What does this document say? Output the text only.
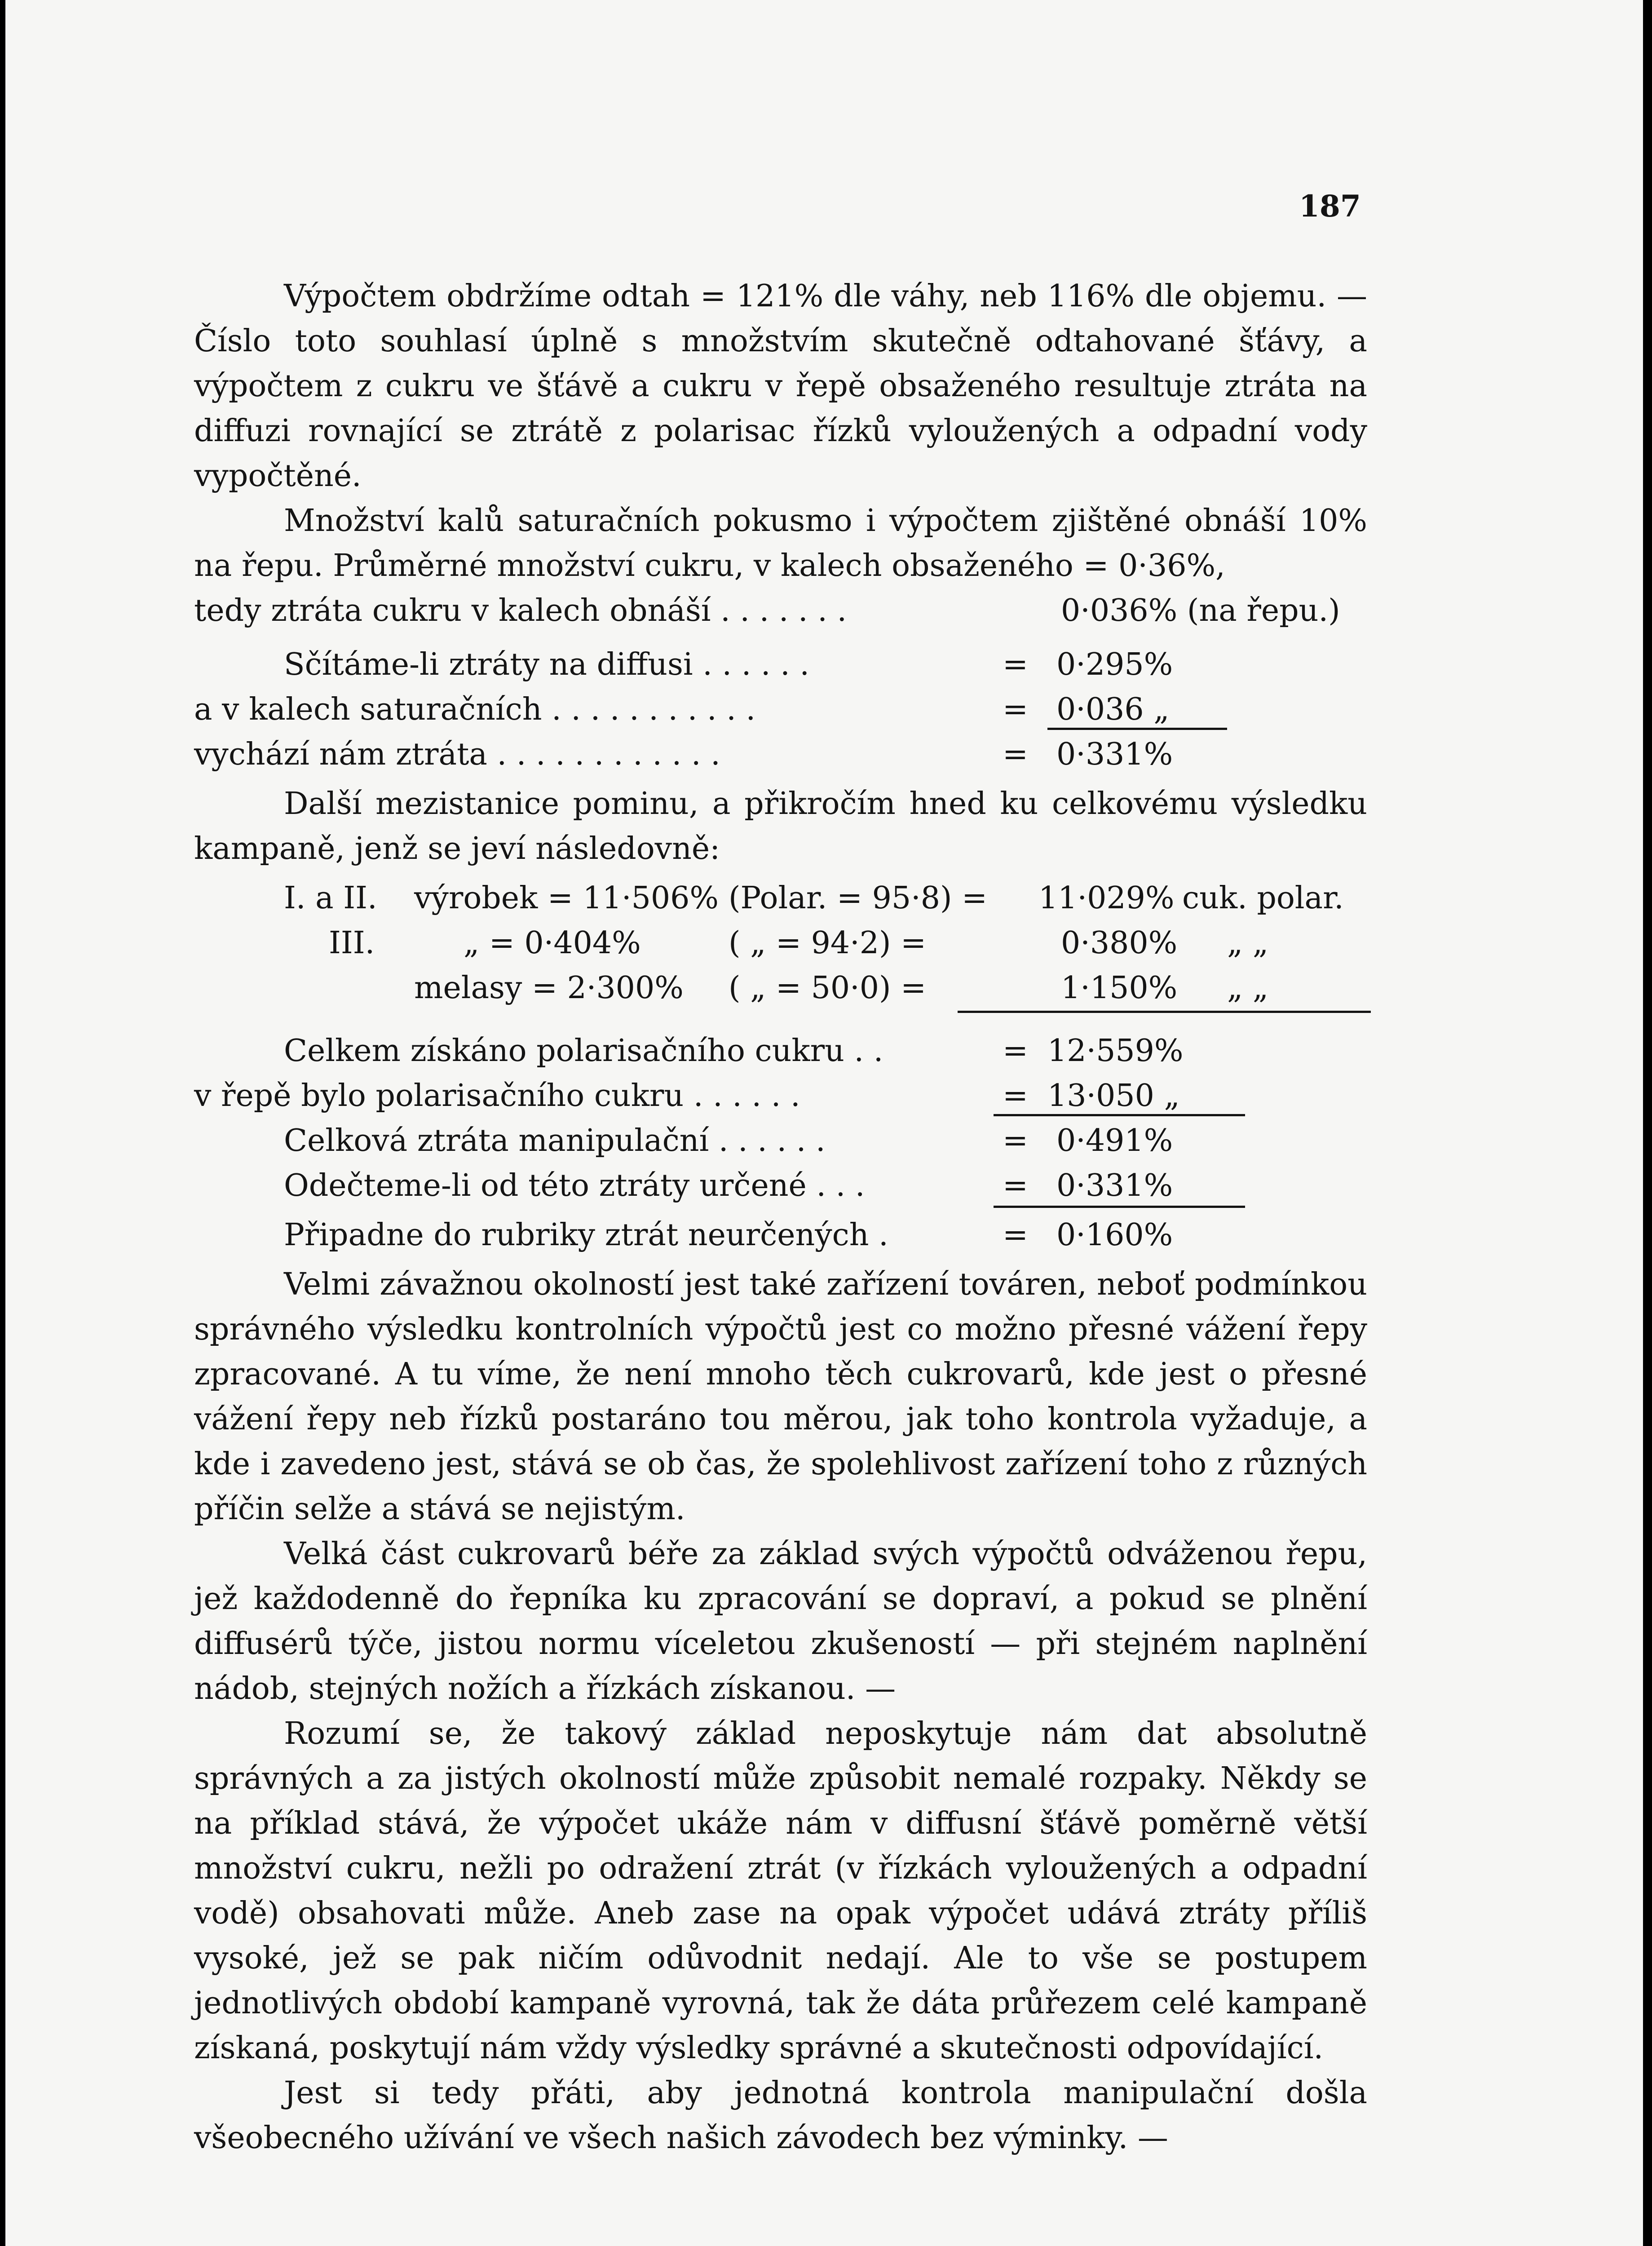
187

Výpočtem obdržíme odtah = 121% dle váhy, neb 116% dle objemu. — Číslo toto souhlasí úplně s množstvím skutečně odtahované šťávy, a výpočtem z cukru ve šťávě a cukru v řepě obsaženého resultuje ztráta na diffuzi rovnající se ztrátě z polarisac řízků vyloužených a odpadní vody vypočtěné.

Množství kalů saturačních pokusmo i výpočtem zjištěné obnáší 10% na řepu. Průměrné množství cukru, v kalech obsaženého = 0·36%,

tedy ztráta cukru v kalech obnáší . . . . . . .	0·036% (na řepu.)
Sčítáme-li ztráty na diffusi . . . . . .	= 0·295%
a v kalech saturačních . . . . . . . . . . .	= 0·036 „
vychází nám ztráta . . . . . . . . . . . .	= 0·331%

Další mezistanice pominu, a přikročím hned ku celkovému výsledku kampaně, jenž se jeví následovně:

I. a II. výrobek = 11·506% (Polar. = 95·8) = 11·029% cuk. polar.
III.	„ = 0·404%	( „ = 94·2) =	0·380% „ „
melasy = 2·300% ( „ = 50·0) =	1·150% „ „
Celkem získáno polarisačního cukru . .	= 12·559%
v řepě bylo polarisačního cukru . . . . . .	= 13·050 „
Celková ztráta manipulační . . . . . .	= 0·491%
Odečteme-li od této ztráty určené . . .	= 0·331%
Připadne do rubriky ztrát neurčených .	= 0·160%

Velmi závažnou okolností jest také zařízení továren, neboť podmínkou správného výsledku kontrolních výpočtů jest co možno přesné vážení řepy zpracované. A tu víme, že není mnoho těch cukrovarů, kde jest o přesné vážení řepy neb řízků postaráno tou měrou, jak toho kontrola vyžaduje, a kde i zavedeno jest, stává se ob čas, že spolehlivost zařízení toho z různých příčin selže a stává se nejistým.

Velká část cukrovarů béře za základ svých výpočtů odváženou řepu, jež každodenně do řepníka ku zpracování se dopraví, a pokud se plnění diffusérů týče, jistou normu víceletou zkušeností — při stejném naplnění nádob, stejných nožích a řízkách získanou. —

Rozumí se, že takový základ neposkytuje nám dat absolutně správných a za jistých okolností může způsobit nemalé rozpaky. Někdy se na příklad stává, že výpočet ukáže nám v diffusní šťávě poměrně větší množství cukru, nežli po odražení ztrát (v řízkách vyloužených a odpadní vodě) obsahovati může. Aneb zase na opak výpočet udává ztráty příliš vysoké, jež se pak ničím odůvodnit nedají. Ale to vše se postupem jednotlivých období kampaně vyrovná, tak že dáta průřezem celé kampaně získaná, poskytují nám vždy výsledky správné a skutečnosti odpovídající.

Jest si tedy přáti, aby jednotná kontrola manipulační došla všeobecného užívání ve všech našich závodech bez výminky. —
